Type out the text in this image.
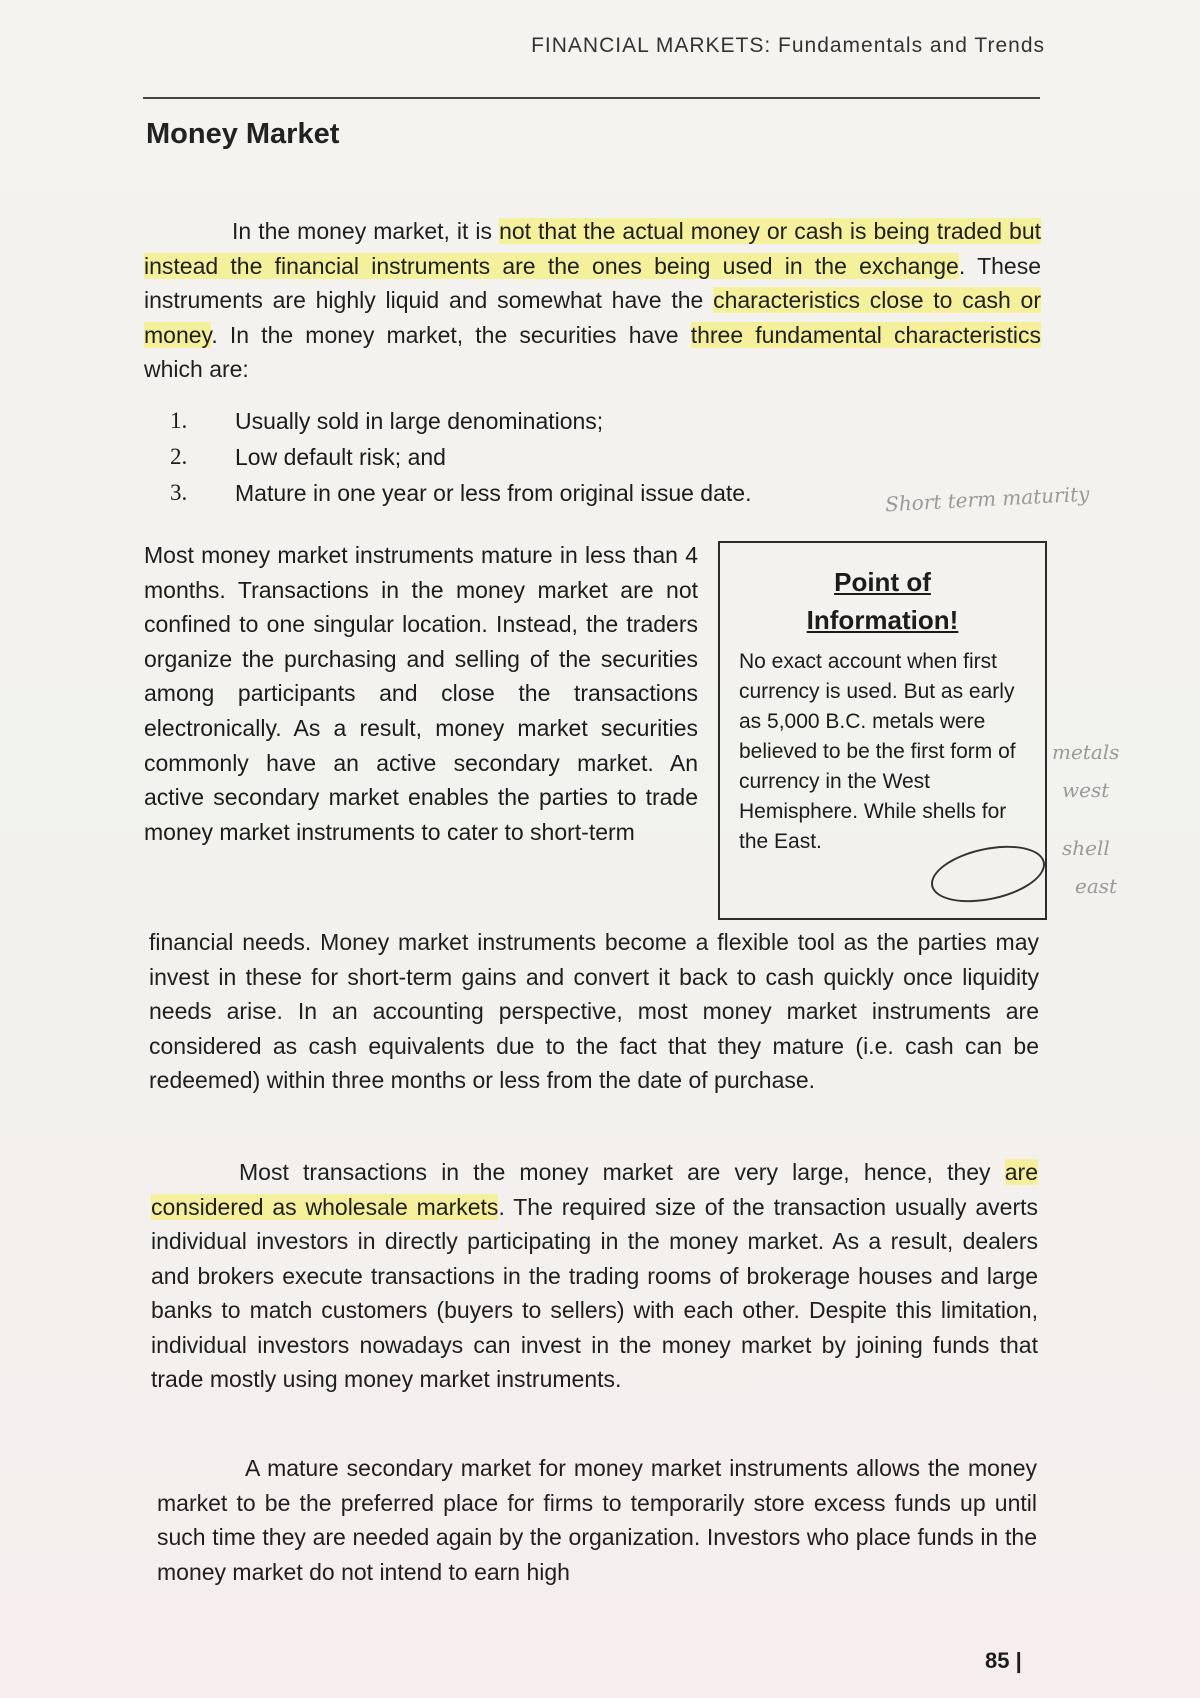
FINANCIAL MARKETS: Fundamentals and Trends
Money Market

In the money market, it is not that the actual money or cash is being traded but instead the financial instruments are the ones being used in the exchange. These instruments are highly liquid and somewhat have the characteristics close to cash or money. In the money market, the securities have three fundamental characteristics which are:

1.	Usually sold in large denominations;
2.	Low default risk; and
3.	Mature in one year or less from original issue date.	Short term maturity

Most money market instruments mature in less than 4 months. Transactions in the money market are not confined to one singular location. Instead, the traders organize the purchasing and selling of the securities among participants and close the transactions electronically. As a result, money market securities commonly have an active secondary market. An active secondary market enables the parties to trade money market instruments to cater to short-term

Point of
Information!

No exact account when first currency is used. But as early as 5,000 B.C. metals were believed to be the first form of currency in the West Hemisphere. While shells for the East.

metals
west
shell
east

financial needs. Money market instruments become a flexible tool as the parties may invest in these for short-term gains and convert it back to cash quickly once liquidity needs arise. In an accounting perspective, most money market instruments are considered as cash equivalents due to the fact that they mature (i.e. cash can be redeemed) within three months or less from the date of purchase.

Most transactions in the money market are very large, hence, they are considered as wholesale markets. The required size of the transaction usually averts individual investors in directly participating in the money market. As a result, dealers and brokers execute transactions in the trading rooms of brokerage houses and large banks to match customers (buyers to sellers) with each other. Despite this limitation, individual investors nowadays can invest in the money market by joining funds that trade mostly using money market instruments.

A mature secondary market for money market instruments allows the money market to be the preferred place for firms to temporarily store excess funds up until such time they are needed again by the organization. Investors who place funds in the money market do not intend to earn high

85 |
